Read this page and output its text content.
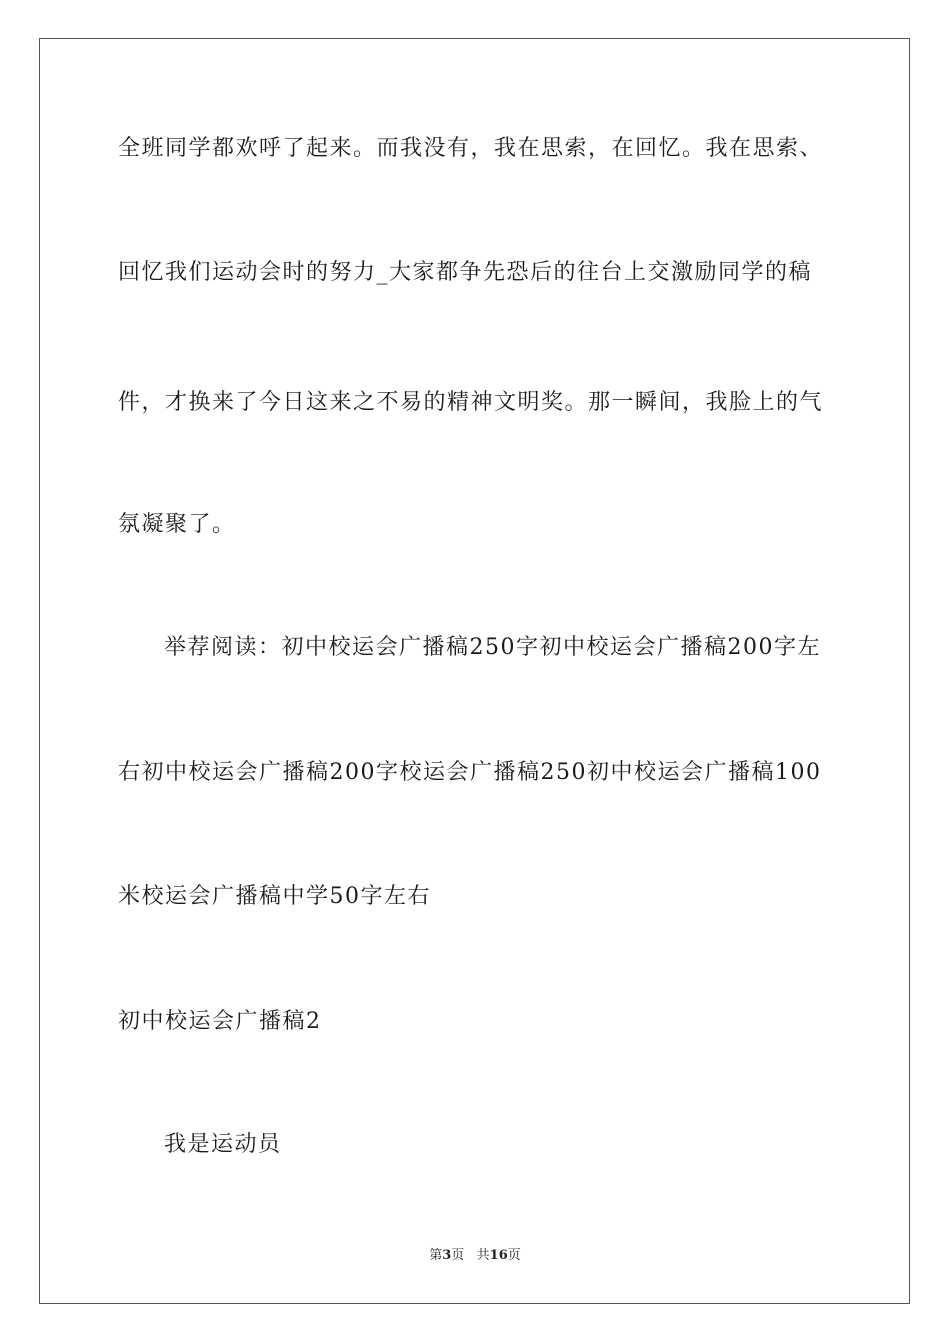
全班同学都欢呼了起来。而我没有，我在思索，在回忆。我在思索、
回忆我们运动会时的努力_大家都争先恐后的往台上交激励同学的稿
件，才换来了今日这来之不易的精神文明奖。那一瞬间，我脸上的气
氛凝聚了。
举荐阅读：初中校运会广播稿250字初中校运会广播稿200字左
右初中校运会广播稿200字校运会广播稿250初中校运会广播稿100
米校运会广播稿中学50字左右
初中校运会广播稿2
我是运动员
第3页   共16页
